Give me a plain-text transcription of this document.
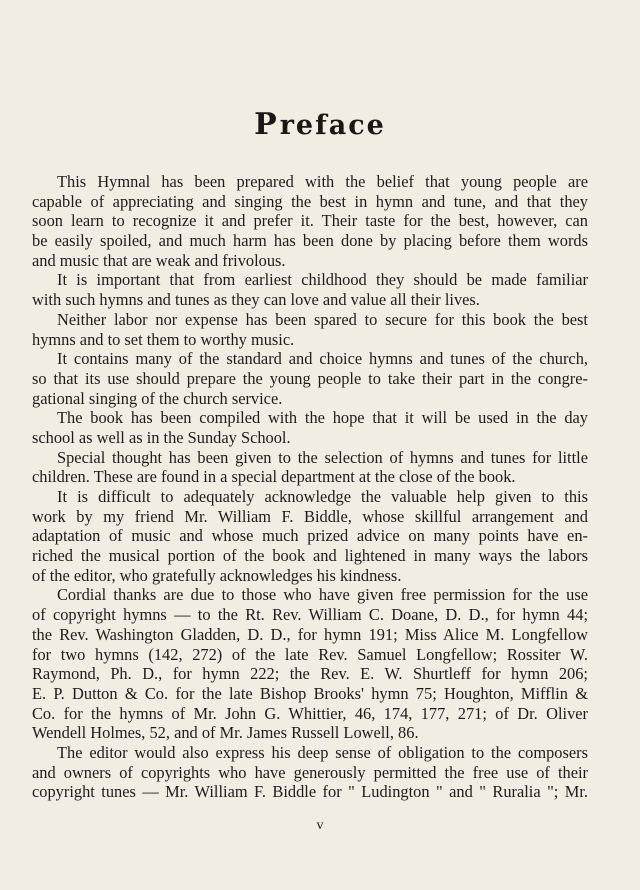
Preface
This Hymnal has been prepared with the belief that young people are
capable of appreciating and singing the best in hymn and tune, and that they
soon learn to recognize it and prefer it. Their taste for the best, however, can
be easily spoiled, and much harm has been done by placing before them words
and music that are weak and frivolous.
It is important that from earliest childhood they should be made familiar
with such hymns and tunes as they can love and value all their lives.
Neither labor nor expense has been spared to secure for this book the best
hymns and to set them to worthy music.
It contains many of the standard and choice hymns and tunes of the church,
so that its use should prepare the young people to take their part in the congre-
gational singing of the church service.
The book has been compiled with the hope that it will be used in the day
school as well as in the Sunday School.
Special thought has been given to the selection of hymns and tunes for little
children. These are found in a special department at the close of the book.
It is difficult to adequately acknowledge the valuable help given to this
work by my friend Mr. William F. Biddle, whose skillful arrangement and
adaptation of music and whose much prized advice on many points have en-
riched the musical portion of the book and lightened in many ways the labors
of the editor, who gratefully acknowledges his kindness.
Cordial thanks are due to those who have given free permission for the use
of copyright hymns — to the Rt. Rev. William C. Doane, D. D., for hymn 44;
the Rev. Washington Gladden, D. D., for hymn 191; Miss Alice M. Longfellow
for two hymns (142, 272) of the late Rev. Samuel Longfellow; Rossiter W.
Raymond, Ph. D., for hymn 222; the Rev. E. W. Shurtleff for hymn 206;
E. P. Dutton & Co. for the late Bishop Brooks' hymn 75; Houghton, Mifflin &
Co. for the hymns of Mr. John G. Whittier, 46, 174, 177, 271; of Dr. Oliver
Wendell Holmes, 52, and of Mr. James Russell Lowell, 86.
The editor would also express his deep sense of obligation to the composers
and owners of copyrights who have generously permitted the free use of their
copyright tunes — Mr. William F. Biddle for " Ludington " and " Ruralia "; Mr.
v
